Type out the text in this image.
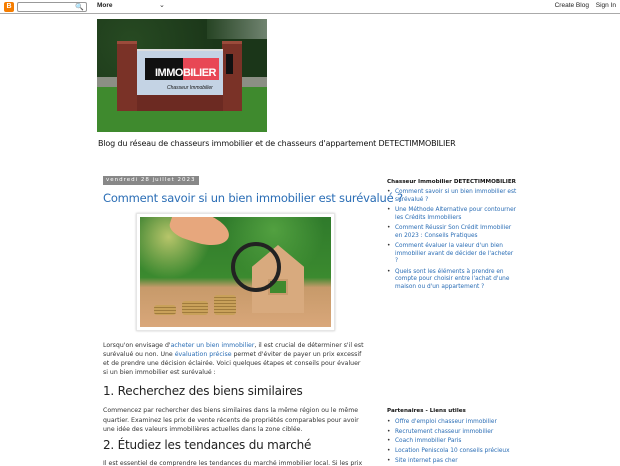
B	🔍 More	⌄	Create Blog Sign In
IMMOBILIER
Chasseur Immobilier
Blog du réseau de chasseurs immobilier et de chasseurs d'appartement DETECTIMMOBILIER
vendredi 28 juillet 2023
Comment savoir si un bien immobilier est surévalué ?
Lorsqu'on envisage d'acheter un bien immobilier, il est crucial de déterminer s'il est surévalué ou non. Une évaluation précise permet d'éviter de payer un prix excessif et de prendre une décision éclairée. Voici quelques étapes et conseils pour évaluer si un bien immobilier est surévalué :
1. Recherchez des biens similaires
Commencez par rechercher des biens similaires dans la même région ou le même quartier. Examinez les prix de vente récents de propriétés comparables pour avoir une idée des valeurs immobilières actuelles dans la zone ciblée.
2. Étudiez les tendances du marché
Il est essentiel de comprendre les tendances du marché immobilier local. Si les prix
Chasseur Immobilier DETECTIMMOBILIER
• Comment savoir si un bien immobilier est surévalué ?
• Une Méthode Alternative pour contourner les Crédits Immobiliers
• Comment Réussir Son Crédit Immobilier en 2023 : Conseils Pratiques
• Comment évaluer la valeur d'un bien immobilier avant de décider de l'acheter ?
• Quels sont les éléments à prendre en compte pour choisir entre l'achat d'une maison ou d'un appartement ?
Partenaires - Liens utiles
• Offre d'emploi chasseur immobilier
• Recrutement chasseur immobilier
• Coach immobilier Paris
• Location Peniscola 10 conseils précieux
• Site internet pas cher
